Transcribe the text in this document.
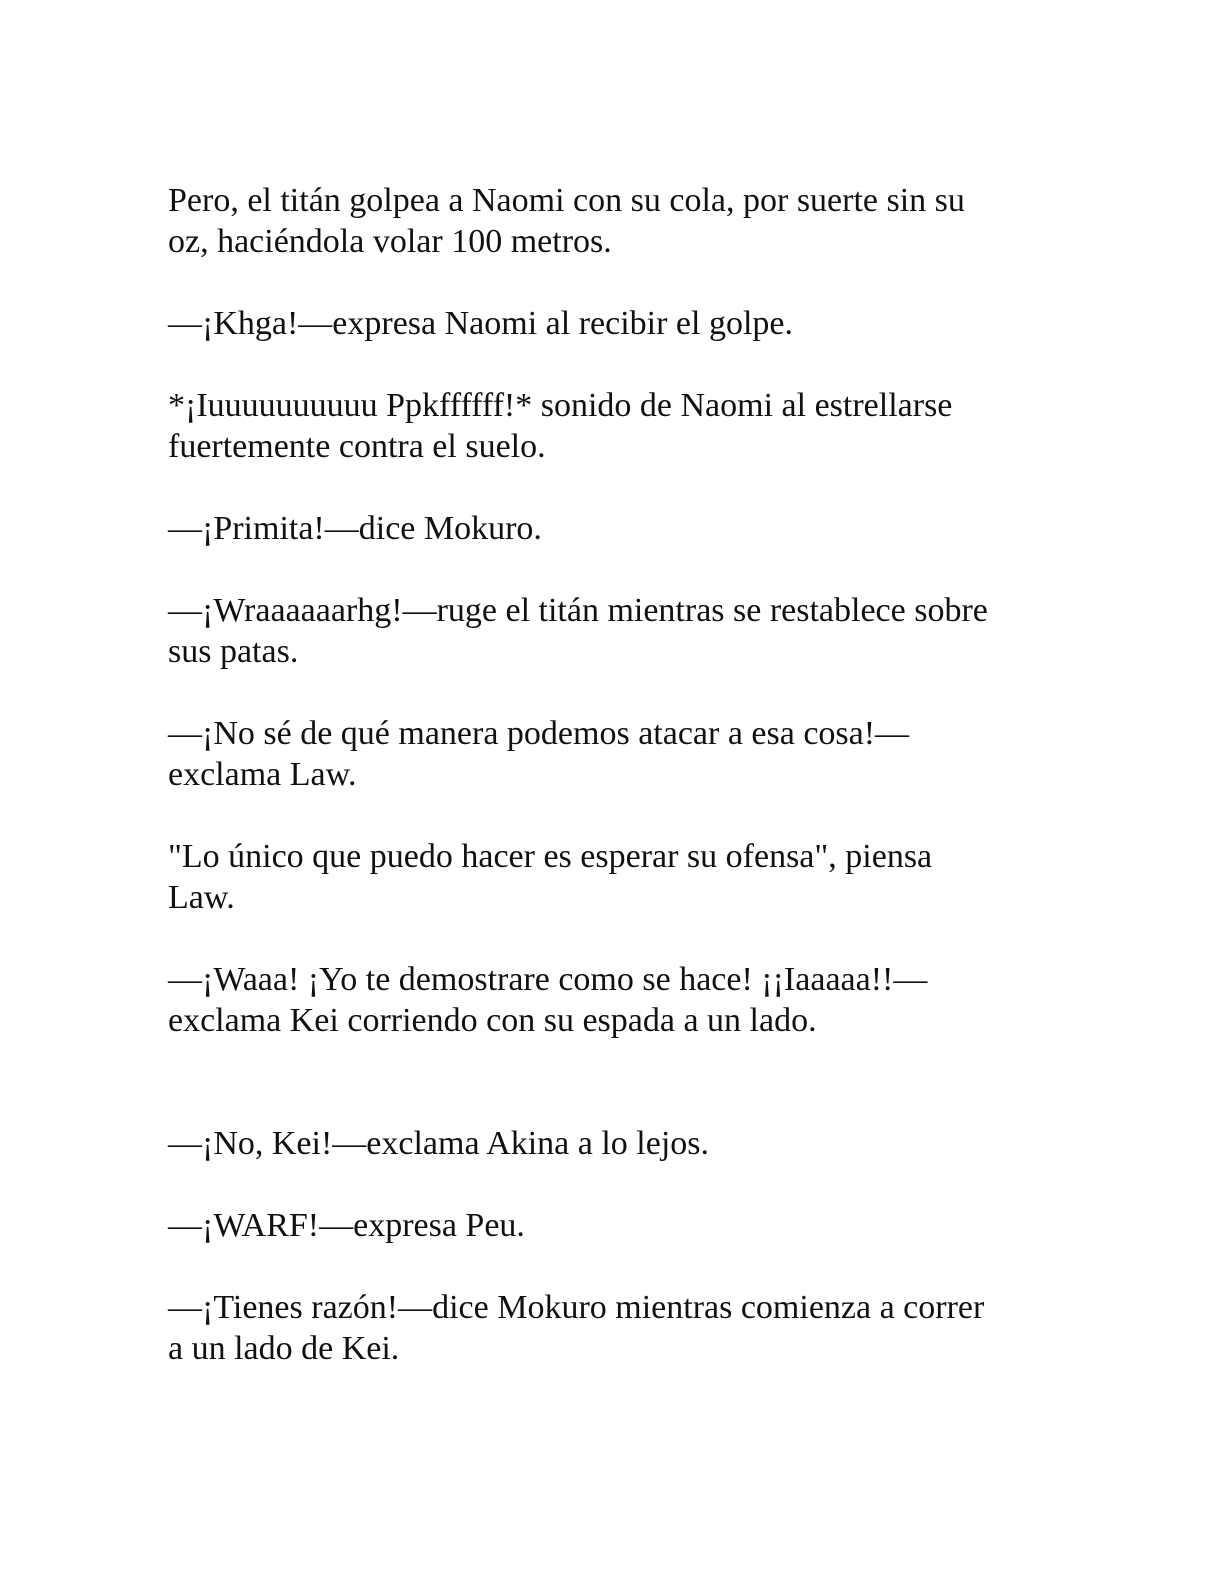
Pero, el titán golpea a Naomi con su cola, por suerte sin su
oz, haciéndola volar 100 metros.

—¡Khga!—expresa Naomi al recibir el golpe.

*¡Iuuuuuuuuuu Ppkffffff!* sonido de Naomi al estrellarse
fuertemente contra el suelo.

—¡Primita!—dice Mokuro.

—¡Wraaaaaarhg!—ruge el titán mientras se restablece sobre
sus patas.

—¡No sé de qué manera podemos atacar a esa cosa!—
exclama Law.

"Lo único que puedo hacer es esperar su ofensa", piensa
Law.

—¡Waaa! ¡Yo te demostrare como se hace! ¡¡Iaaaaa!!—
exclama Kei corriendo con su espada a un lado.

—¡No, Kei!—exclama Akina a lo lejos.

—¡WARF!—expresa Peu.

—¡Tienes razón!—dice Mokuro mientras comienza a correr
a un lado de Kei.
